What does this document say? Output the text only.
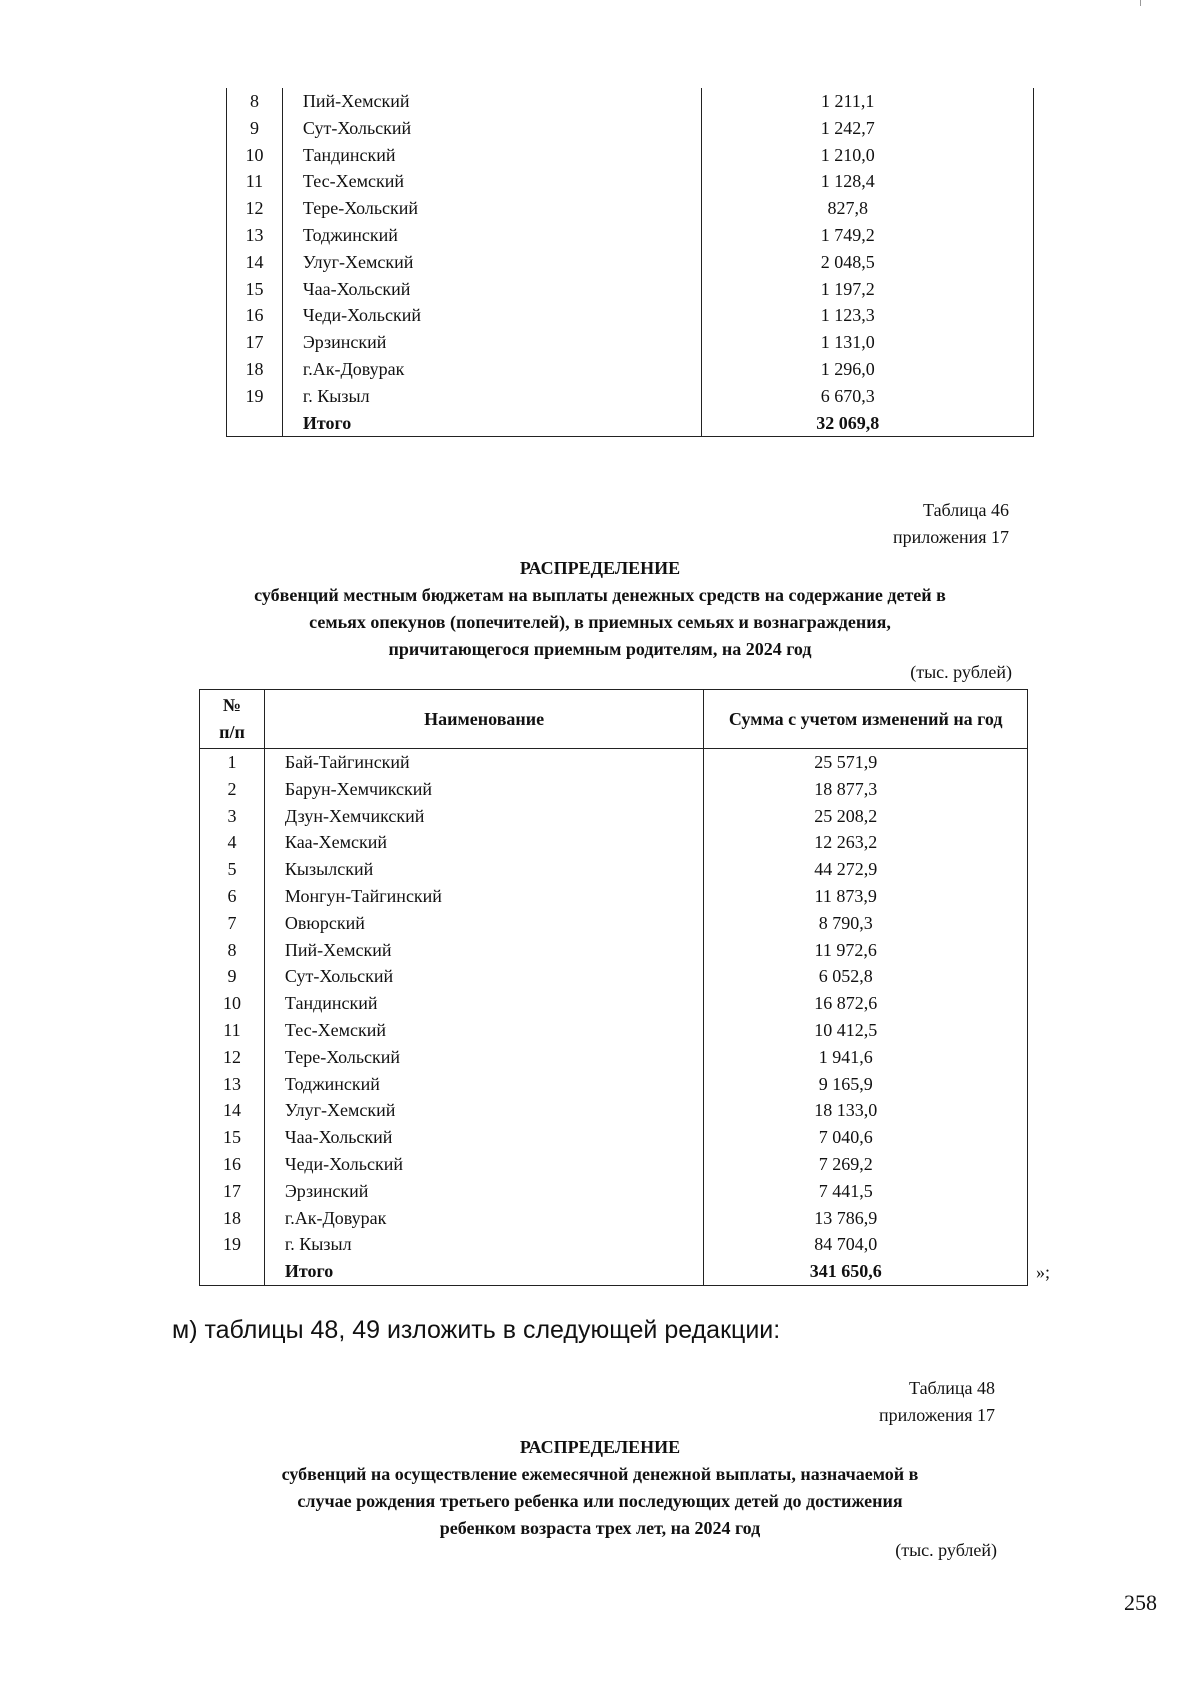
8	Пий-Хемский	1 211,1
9	Сут-Хольский	1 242,7
10	Тандинский	1 210,0
11	Тес-Хемский	1 128,4
12	Тере-Хольский	827,8
13	Тоджинский	1 749,2
14	Улуг-Хемский	2 048,5
15	Чаа-Хольский	1 197,2
16	Чеди-Хольский	1 123,3
17	Эрзинский	1 131,0
18	г.Ак-Довурак	1 296,0
19	г. Кызыл	6 670,3
	Итого	32 069,8
Таблица 46
приложения 17
РАСПРЕДЕЛЕНИЕ
субвенций местным бюджетам на выплаты денежных средств на содержание детей в
семьях опекунов (попечителей), в приемных семьях и вознаграждения,
причитающегося приемным родителям, на 2024 год
(тыс. рублей)
№
п/п	Наименование	Сумма с учетом изменений на год
1	Бай-Тайгинский	25 571,9
2	Барун-Хемчикский	18 877,3
3	Дзун-Хемчикский	25 208,2
4	Каа-Хемский	12 263,2
5	Кызылский	44 272,9
6	Монгун-Тайгинский	11 873,9
7	Овюрский	8 790,3
8	Пий-Хемский	11 972,6
9	Сут-Хольский	6 052,8
10	Тандинский	16 872,6
11	Тес-Хемский	10 412,5
12	Тере-Хольский	1 941,6
13	Тоджинский	9 165,9
14	Улуг-Хемский	18 133,0
15	Чаа-Хольский	7 040,6
16	Чеди-Хольский	7 269,2
17	Эрзинский	7 441,5
18	г.Ак-Довурак	13 786,9
19	г. Кызыл	84 704,0
	Итого	341 650,6	»;
м) таблицы 48, 49 изложить в следующей редакции:
Таблица 48
приложения 17
РАСПРЕДЕЛЕНИЕ
субвенций на осуществление ежемесячной денежной выплаты, назначаемой в
случае рождения третьего ребенка или последующих детей до достижения
ребенком возраста трех лет, на 2024 год
(тыс. рублей)
258
